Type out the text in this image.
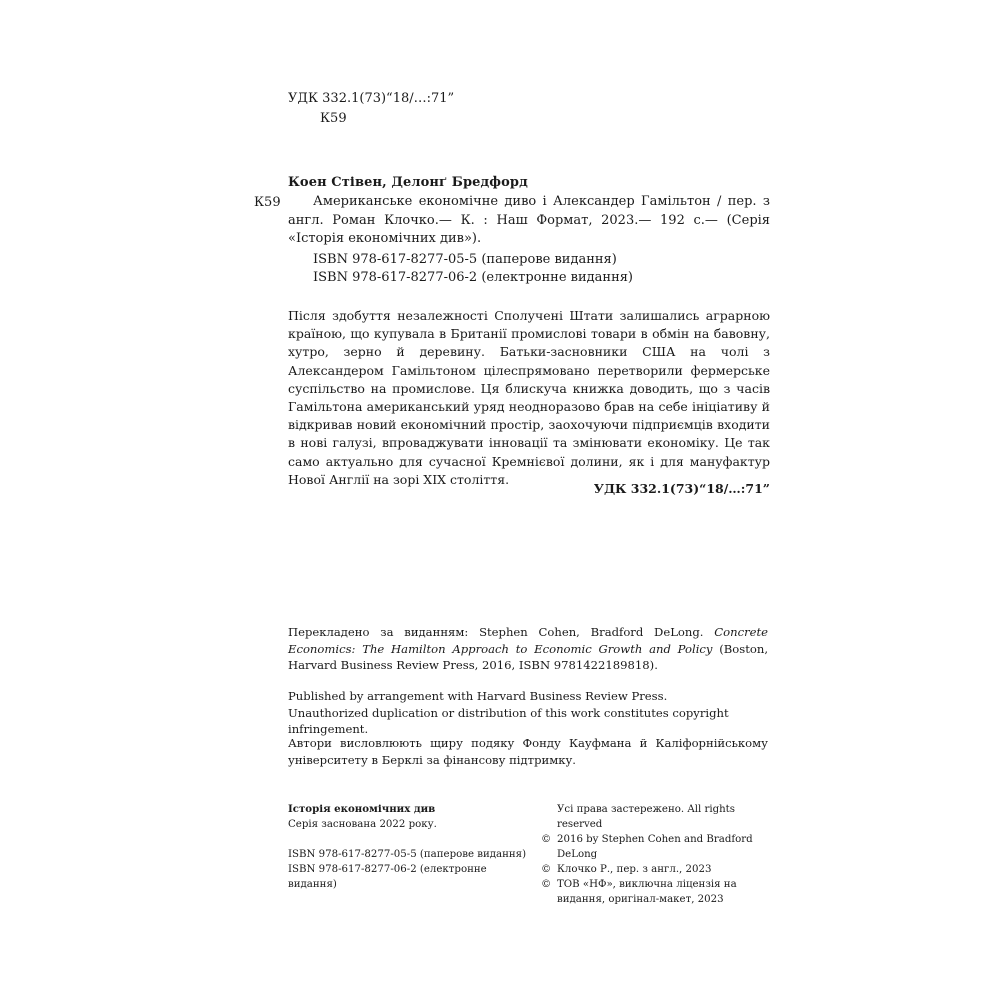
УДК 332.1(73)“18/…:71”
К59
Коен Стівен, Делонґ Бредфорд
К59	Американське економічне диво і Александер Гамільтон / пер. з англ. Роман Клочко.— К. : Наш Формат, 2023.— 192 с.— (Серія «Історія економічних див»).

ISBN 978-617-8277-05-5 (паперове видання)

ISBN 978-617-8277-06-2 (електронне видання)

Після здобуття незалежності Сполучені Штати залишались аграрною країною, що купувала в Британії промислові товари в обмін на бавовну, хутро, зерно й деревину. Батьки-засновники США на чолі з Александером Гамільтоном цілеспрямовано перетворили фермерське суспільство на промислове. Ця блискуча книжка доводить, що з часів Гамільтона американський уряд неодноразово брав на себе ініціативу й відкривав новий економічний простір, заохочуючи підприємців входити в нові галузі, впроваджувати інновації та змінювати економіку. Це так само актуально для сучасної Кремнієвої долини, як і для мануфактур Нової Англії на зорі XIX століття.

УДК 332.1(73)“18/…:71”

Перекладено за виданням: Stephen Cohen, Bradford DeLong. Concrete Economics: The Hamilton Approach to Economic Growth and Policy (Boston, Harvard Business Review Press, 2016, ISBN 9781422189818).

Published by arrangement with Harvard Business Review Press.
Unauthorized duplication or distribution of this work constitutes copyright infringement.

Автори висловлюють щиру подяку Фонду Кауфмана й Каліфорнійському університету в Берклі за фінансову підтримку.

Історія економічних див
Серія заснована 2022 року.
ISBN 978-617-8277-05-5 (паперове видання)
ISBN 978-617-8277-06-2 (електронне видання)
Усі права застережено. All rights reserved
© 2016 by Stephen Cohen and Bradford DeLong
© Клочко Р., пер. з англ., 2023
© ТОВ «НФ», виключна ліцензія на видання, оригінал-макет, 2023
